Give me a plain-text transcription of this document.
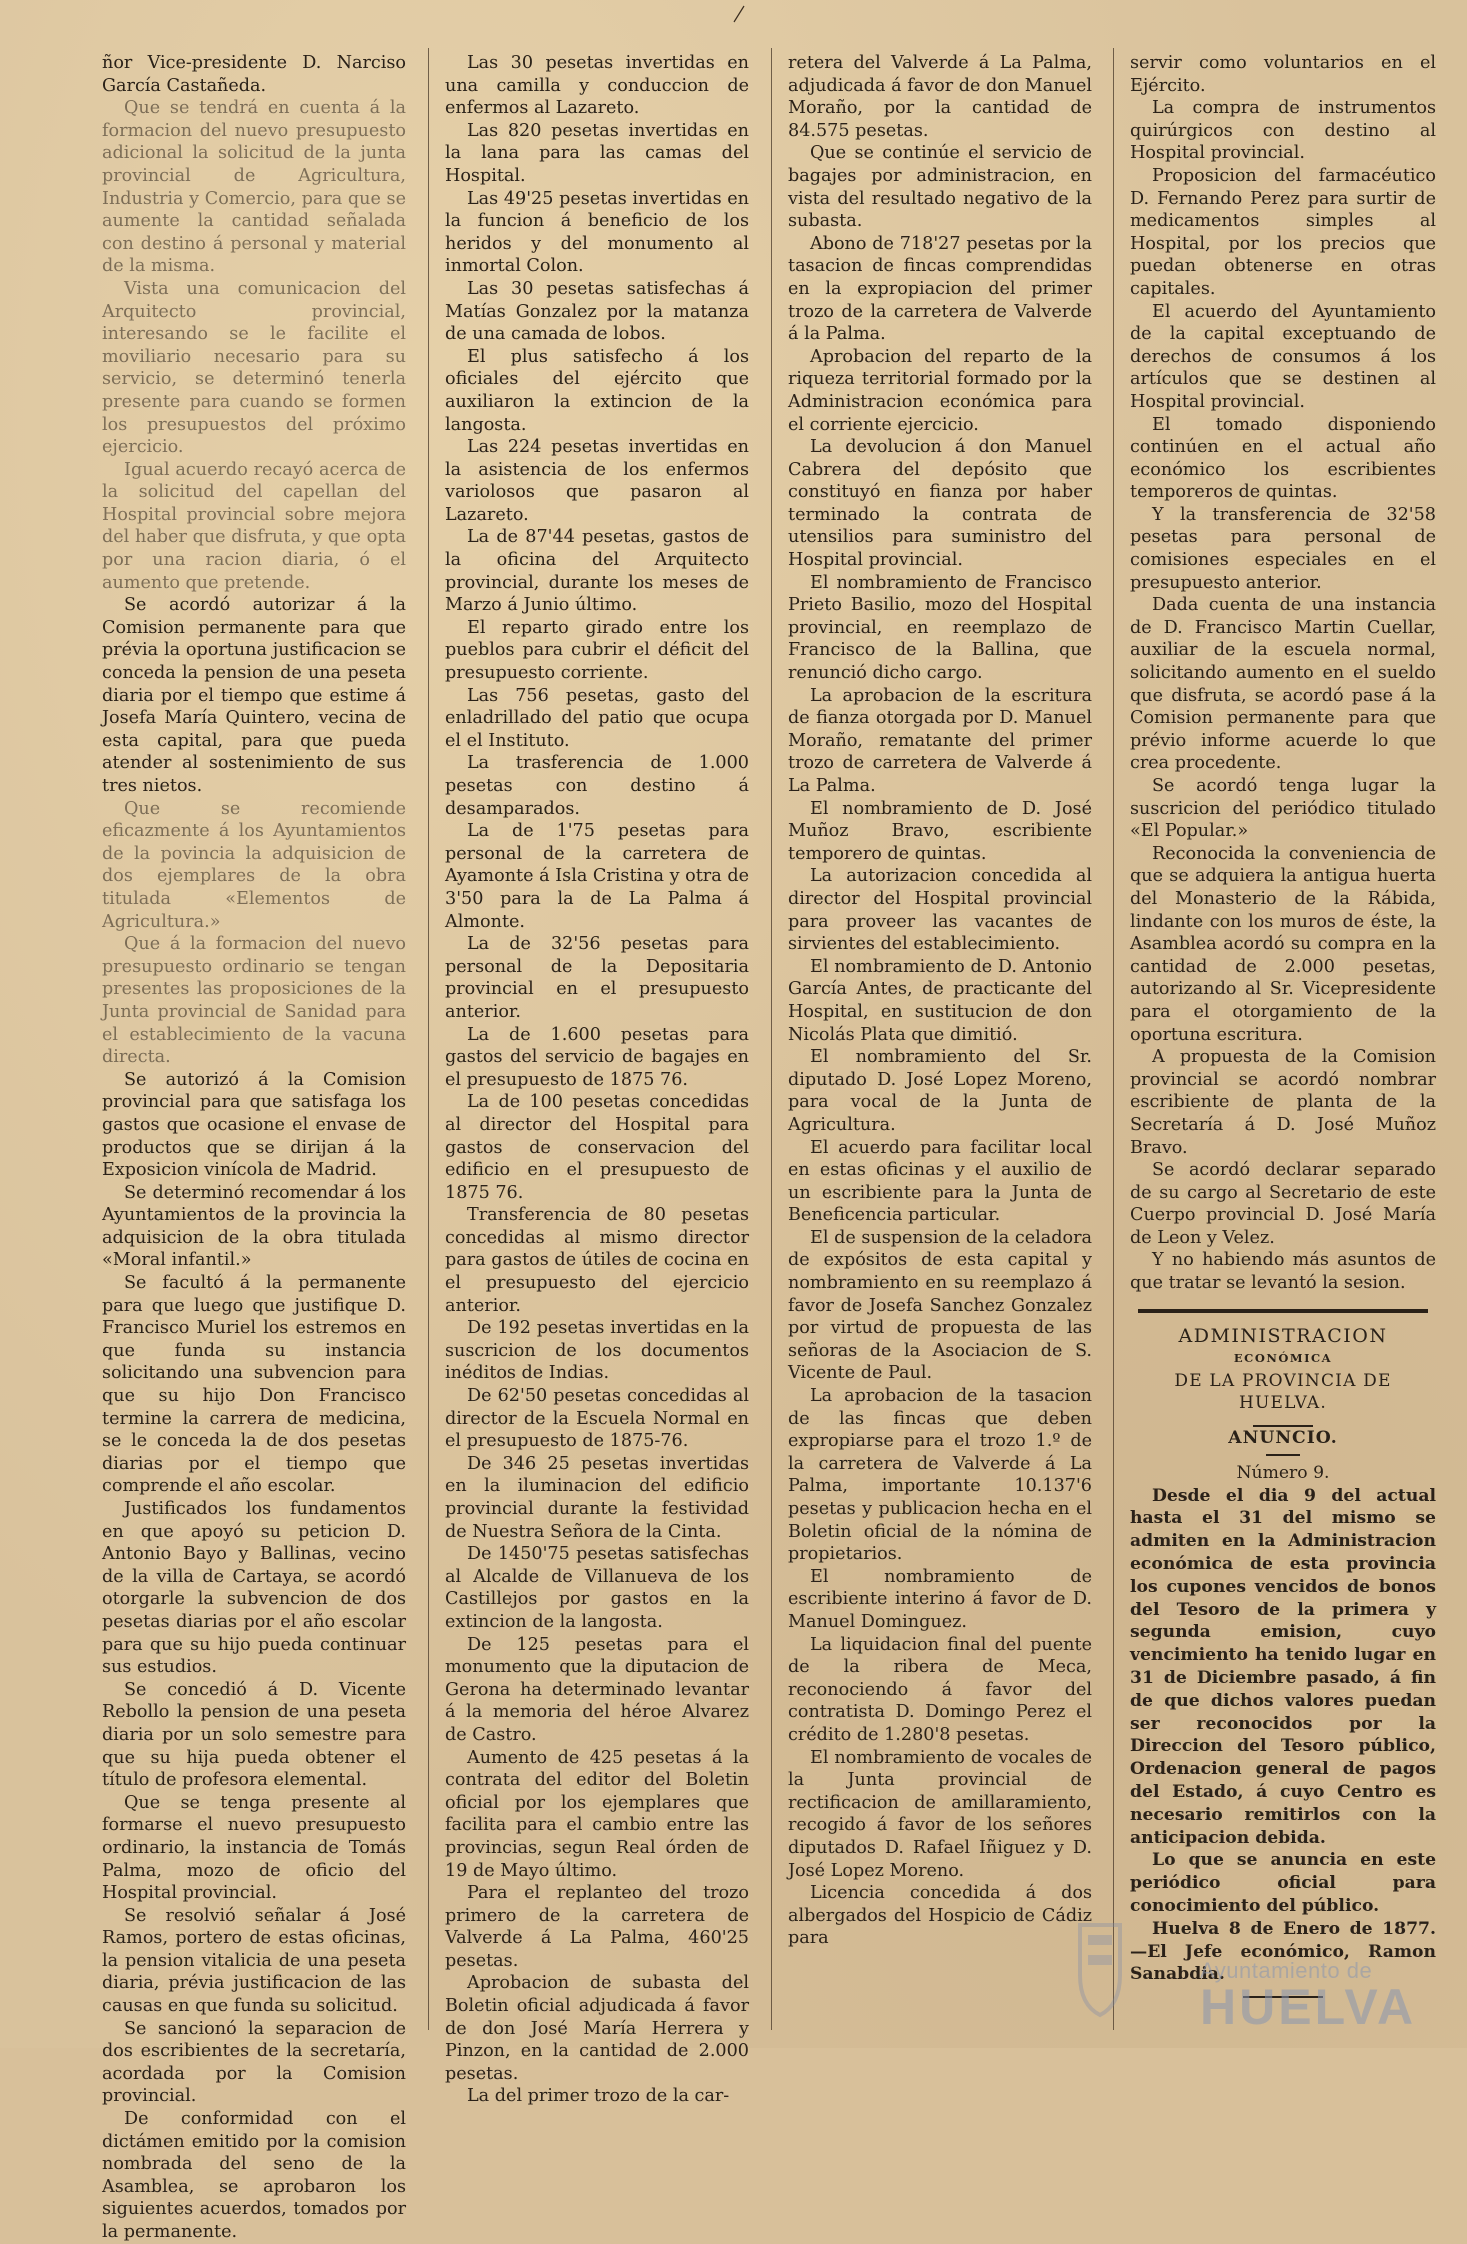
ñor Vice-presidente D. Narciso García Castañeda.

Que se tendrá en cuenta á la formacion del nuevo presupuesto adicional la solicitud de la junta provincial de Agricultura, Industria y Comercio, para que se aumente la cantidad señalada con destino á personal y material de la misma.

Vista una comunicacion del Arquitecto provincial, interesando se le facilite el moviliario necesario para su servicio, se determinó tenerla presente para cuando se formen los presupuestos del próximo ejercicio.

Igual acuerdo recayó acerca de la solicitud del capellan del Hospital provincial sobre mejora del haber que disfruta, y que opta por una racion diaria, ó el aumento que pretende.

Se acordó autorizar á la Comision permanente para que prévia la oportuna justificacion se conceda la pension de una peseta diaria por el tiempo que estime á Josefa María Quintero, vecina de esta capital, para que pueda atender al sostenimiento de sus tres nietos.

Que se recomiende eficazmente á los Ayuntamientos de la povincia la adquisicion de dos ejemplares de la obra titulada «Elementos de Agricultura.»

Que á la formacion del nuevo presupuesto ordinario se tengan presentes las proposiciones de la Junta provincial de Sanidad para el establecimiento de la vacuna directa.

Se autorizó á la Comision provincial para que satisfaga los gastos que ocasione el envase de productos que se dirijan á la Exposicion vinícola de Madrid.

Se determinó recomendar á los Ayuntamientos de la provincia la adquisicion de la obra titulada «Moral infantil.»

Se facultó á la permanente para que luego que justifique D. Francisco Muriel los estremos en que funda su instancia solicitando una subvencion para que su hijo Don Francisco termine la carrera de medicina, se le conceda la de dos pesetas diarias por el tiempo que comprende el año escolar.

Justificados los fundamentos en que apoyó su peticion D. Antonio Bayo y Ballinas, vecino de la villa de Cartaya, se acordó otorgarle la subvencion de dos pesetas diarias por el año escolar para que su hijo pueda continuar sus estudios.

Se concedió á D. Vicente Rebollo la pension de una peseta diaria por un solo semestre para que su hija pueda obtener el título de profesora elemental.

Que se tenga presente al formarse el nuevo presupuesto ordinario, la instancia de Tomás Palma, mozo de oficio del Hospital provincial.

Se resolvió señalar á José Ramos, portero de estas oficinas, la pension vitalicia de una peseta diaria, prévia justificacion de las causas en que funda su solicitud.

Se sancionó la separacion de dos escribientes de la secretaría, acordada por la Comision provincial.

De conformidad con el dictámen emitido por la comision nombrada del seno de la Asamblea, se aprobaron los siguientes acuerdos, tomados por la permanente.

Las 30 pesetas invertidas en una camilla y conduccion de enfermos al Lazareto.

Las 820 pesetas invertidas en la lana para las camas del Hospital.

Las 49'25 pesetas invertidas en la funcion á beneficio de los heridos y del monumento al inmortal Colon.

Las 30 pesetas satisfechas á Matías Gonzalez por la matanza de una camada de lobos.

El plus satisfecho á los oficiales del ejército que auxiliaron la extincion de la langosta.

Las 224 pesetas invertidas en la asistencia de los enfermos variolosos que pasaron al Lazareto.

La de 87'44 pesetas, gastos de la oficina del Arquitecto provincial, durante los meses de Marzo á Junio último.

El reparto girado entre los pueblos para cubrir el déficit del presupuesto corriente.

Las 756 pesetas, gasto del enladrillado del patio que ocupa el el Instituto.

La trasferencia de 1.000 pesetas con destino á desamparados.

La de 1'75 pesetas para personal de la carretera de Ayamonte á Isla Cristina y otra de 3'50 para la de La Palma á Almonte.

La de 32'56 pesetas para personal de la Depositaria provincial en el presupuesto anterior.

La de 1.600 pesetas para gastos del servicio de bagajes en el presupuesto de 1875 76.

La de 100 pesetas concedidas al director del Hospital para gastos de conservacion del edificio en el presupuesto de 1875 76.

Transferencia de 80 pesetas concedidas al mismo director para gastos de útiles de cocina en el presupuesto del ejercicio anterior.

De 192 pesetas invertidas en la suscricion de los documentos inéditos de Indias.

De 62'50 pesetas concedidas al director de la Escuela Normal en el presupuesto de 1875-76.

De 346 25 pesetas invertidas en la iluminacion del edificio provincial durante la festividad de Nuestra Señora de la Cinta.

De 1450'75 pesetas satisfechas al Alcalde de Villanueva de los Castillejos por gastos en la extincion de la langosta.

De 125 pesetas para el monumento que la diputacion de Gerona ha determinado levantar á la memoria del héroe Alvarez de Castro.

Aumento de 425 pesetas á la contrata del editor del Boletin oficial por los ejemplares que facilita para el cambio entre las provincias, segun Real órden de 19 de Mayo último.

Para el replanteo del trozo primero de la carretera de Valverde á La Palma, 460'25 pesetas.

Aprobacion de subasta del Boletin oficial adjudicada á favor de don José María Herrera y Pinzon, en la cantidad de 2.000 pesetas.

La del primer trozo de la car-

retera del Valverde á La Palma, adjudicada á favor de don Manuel Moraño, por la cantidad de 84.575 pesetas.

Que se continúe el servicio de bagajes por administracion, en vista del resultado negativo de la subasta.

Abono de 718'27 pesetas por la tasacion de fincas comprendidas en la expropiacion del primer trozo de la carretera de Valverde á la Palma.

Aprobacion del reparto de la riqueza territorial formado por la Administracion económica para el corriente ejercicio.

La devolucion á don Manuel Cabrera del depósito que constituyó en fianza por haber terminado la contrata de utensilios para suministro del Hospital provincial.

El nombramiento de Francisco Prieto Basilio, mozo del Hospital provincial, en reemplazo de Francisco de la Ballina, que renunció dicho cargo.

La aprobacion de la escritura de fianza otorgada por D. Manuel Moraño, rematante del primer trozo de carretera de Valverde á La Palma.

El nombramiento de D. José Muñoz Bravo, escribiente temporero de quintas.

La autorizacion concedida al director del Hospital provincial para proveer las vacantes de sirvientes del establecimiento.

El nombramiento de D. Antonio García Antes, de practicante del Hospital, en sustitucion de don Nicolás Plata que dimitió.

El nombramiento del Sr. diputado D. José Lopez Moreno, para vocal de la Junta de Agricultura.

El acuerdo para facilitar local en estas oficinas y el auxilio de un escribiente para la Junta de Beneficencia particular.

El de suspension de la celadora de expósitos de esta capital y nombramiento en su reemplazo á favor de Josefa Sanchez Gonzalez por virtud de propuesta de las señoras de la Asociacion de S. Vicente de Paul.

La aprobacion de la tasacion de las fincas que deben expropiarse para el trozo 1.º de la carretera de Valverde á La Palma, importante 10.137'6 pesetas y publicacion hecha en el Boletin oficial de la nómina de propietarios.

El nombramiento de escribiente interino á favor de D. Manuel Dominguez.

La liquidacion final del puente de la ribera de Meca, reconociendo á favor del contratista D. Domingo Perez el crédito de 1.280'8 pesetas.

El nombramiento de vocales de la Junta provincial de rectificacion de amillaramiento, recogido á favor de los señores diputados D. Rafael Iñiguez y D. José Lopez Moreno.

Licencia concedida á dos albergados del Hospicio de Cádiz para

servir como voluntarios en el Ejército.

La compra de instrumentos quirúrgicos con destino al Hospital provincial.

Proposicion del farmacéutico D. Fernando Perez para surtir de medicamentos simples al Hospital, por los precios que puedan obtenerse en otras capitales.

El acuerdo del Ayuntamiento de la capital exceptuando de derechos de consumos á los artículos que se destinen al Hospital provincial.

El tomado disponiendo continúen en el actual año económico los escribientes temporeros de quintas.

Y la transferencia de 32'58 pesetas para personal de comisiones especiales en el presupuesto anterior.

Dada cuenta de una instancia de D. Francisco Martin Cuellar, auxiliar de la escuela normal, solicitando aumento en el sueldo que disfruta, se acordó pase á la Comision permanente para que prévio informe acuerde lo que crea procedente.

Se acordó tenga lugar la suscricion del periódico titulado «El Popular.»

Reconocida la conveniencia de que se adquiera la antigua huerta del Monasterio de la Rábida, lindante con los muros de éste, la Asamblea acordó su compra en la cantidad de 2.000 pesetas, autorizando al Sr. Vicepresidente para el otorgamiento de la oportuna escritura.

A propuesta de la Comision provincial se acordó nombrar escribiente de planta de la Secretaría á D. José Muñoz Bravo.

Se acordó declarar separado de su cargo al Secretario de este Cuerpo provincial D. José María de Leon y Velez.

Y no habiendo más asuntos de que tratar se levantó la sesion.

ADMINISTRACION

ECONÓMICA

DE LA PROVINCIA DE HUELVA.

ANUNCIO.

Número 9.

Desde el dia 9 del actual hasta el 31 del mismo se admiten en la Administracion económica de esta provincia los cupones vencidos de bonos del Tesoro de la primera y segunda emision, cuyo vencimiento ha tenido lugar en 31 de Diciembre pasado, á fin de que dichos valores puedan ser reconocidos por la Direccion del Tesoro público, Ordenacion general de pagos del Estado, á cuyo Centro es necesario remitirlos con la anticipacion debida.

Lo que se anuncia en este periódico oficial para conocimiento del público.

Huelva 8 de Enero de 1877. —El Jefe económico, Ramon Sanabdia.

Ayuntamiento de
HUELVA
